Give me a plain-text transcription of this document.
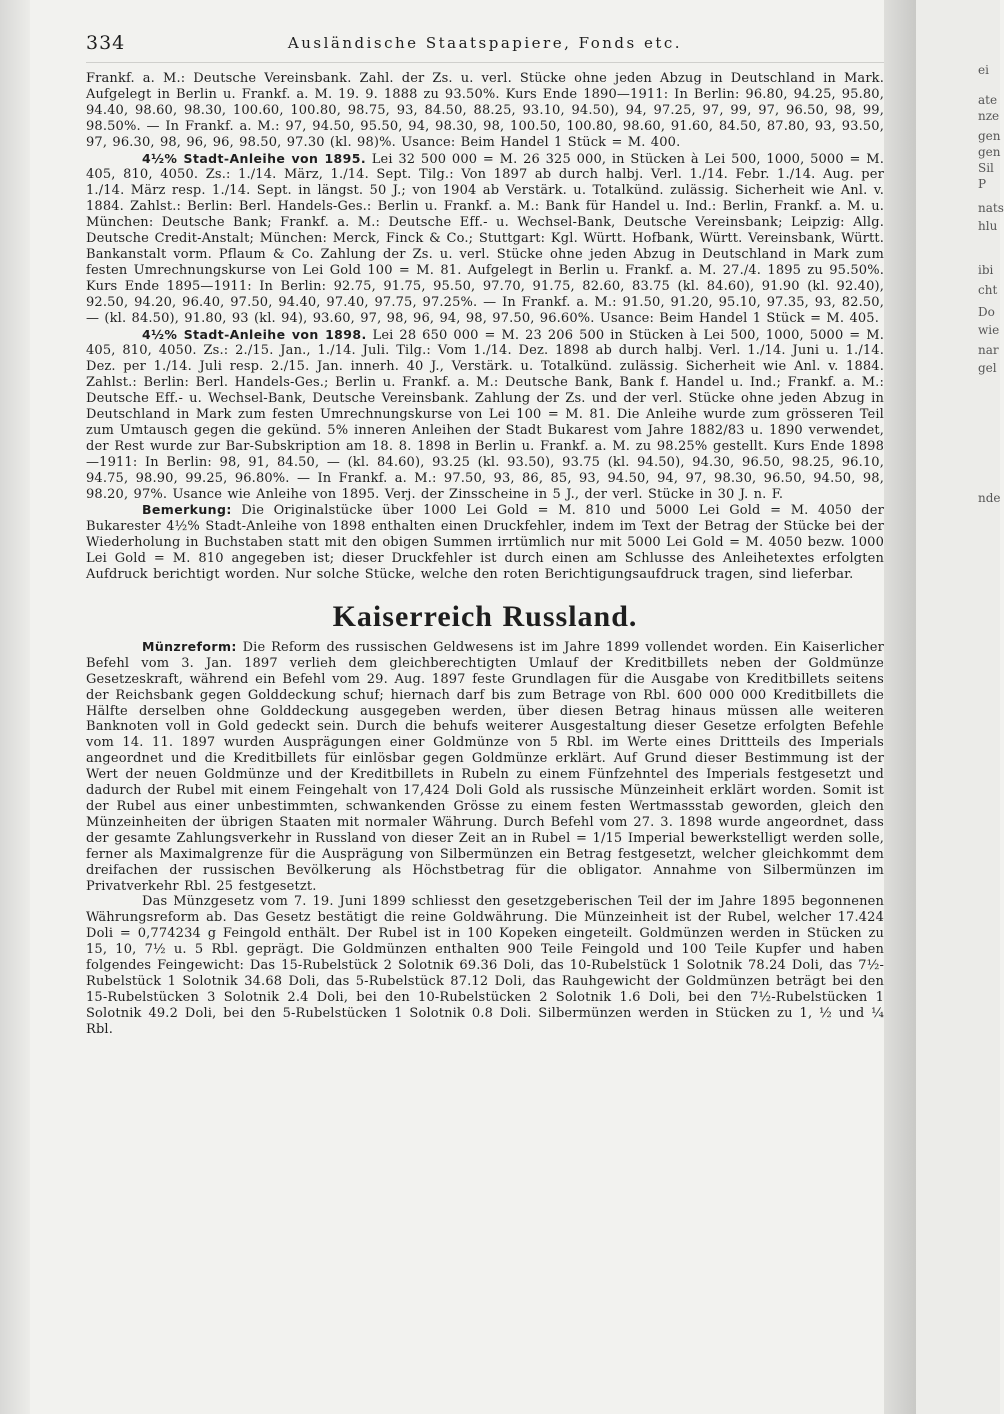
334	Ausländische Staatspapiere, Fonds etc.

Frankf. a. M.: Deutsche Vereinsbank. Zahl. der Zs. u. verl. Stücke ohne jeden Abzug in Deutschland in Mark. Aufgelegt in Berlin u. Frankf. a. M. 19. 9. 1888 zu 93.50%. Kurs Ende 1890—1911: In Berlin: 96.80, 94.25, 95.80, 94.40, 98.60, 98.30, 100.60, 100.80, 98.75, 93, 84.50, 88.25, 93.10, 94.50), 94, 97.25, 97, 99, 97, 96.50, 98, 99, 98.50%. — In Frankf. a. M.: 97, 94.50, 95.50, 94, 98.30, 98, 100.50, 100.80, 98.60, 91.60, 84.50, 87.80, 93, 93.50, 97, 96.30, 98, 96, 96, 98.50, 97.30 (kl. 98)%. Usance: Beim Handel 1 Stück = M. 400.

4½% Stadt-Anleihe von 1895. Lei 32 500 000 = M. 26 325 000, in Stücken à Lei 500, 1000, 5000 = M. 405, 810, 4050. Zs.: 1./14. März, 1./14. Sept. Tilg.: Von 1897 ab durch halbj. Verl. 1./14. Febr. 1./14. Aug. per 1./14. März resp. 1./14. Sept. in längst. 50 J.; von 1904 ab Verstärk. u. Totalkünd. zulässig. Sicherheit wie Anl. v. 1884. Zahlst.: Berlin: Berl. Handels-Ges.: Berlin u. Frankf. a. M.: Bank für Handel u. Ind.: Berlin, Frankf. a. M. u. München: Deutsche Bank; Frankf. a. M.: Deutsche Eff.- u. Wechsel-Bank, Deutsche Vereinsbank; Leipzig: Allg. Deutsche Credit-Anstalt; München: Merck, Finck & Co.; Stuttgart: Kgl. Württ. Hofbank, Württ. Vereinsbank, Württ. Bankanstalt vorm. Pflaum & Co. Zahlung der Zs. u. verl. Stücke ohne jeden Abzug in Deutschland in Mark zum festen Umrechnungskurse von Lei Gold 100 = M. 81. Aufgelegt in Berlin u. Frankf. a. M. 27./4. 1895 zu 95.50%. Kurs Ende 1895—1911: In Berlin: 92.75, 91.75, 95.50, 97.70, 91.75, 82.60, 83.75 (kl. 84.60), 91.90 (kl. 92.40), 92.50, 94.20, 96.40, 97.50, 94.40, 97.40, 97.75, 97.25%. — In Frankf. a. M.: 91.50, 91.20, 95.10, 97.35, 93, 82.50, — (kl. 84.50), 91.80, 93 (kl. 94), 93.60, 97, 98, 96, 94, 98, 97.50, 96.60%. Usance: Beim Handel 1 Stück = M. 405.

4½% Stadt-Anleihe von 1898. Lei 28 650 000 = M. 23 206 500 in Stücken à Lei 500, 1000, 5000 = M. 405, 810, 4050. Zs.: 2./15. Jan., 1./14. Juli. Tilg.: Vom 1./14. Dez. 1898 ab durch halbj. Verl. 1./14. Juni u. 1./14. Dez. per 1./14. Juli resp. 2./15. Jan. innerh. 40 J., Verstärk. u. Totalkünd. zulässig. Sicherheit wie Anl. v. 1884. Zahlst.: Berlin: Berl. Handels-Ges.; Berlin u. Frankf. a. M.: Deutsche Bank, Bank f. Handel u. Ind.; Frankf. a. M.: Deutsche Eff.- u. Wechsel-Bank, Deutsche Vereinsbank. Zahlung der Zs. und der verl. Stücke ohne jeden Abzug in Deutschland in Mark zum festen Umrechnungskurse von Lei 100 = M. 81. Die Anleihe wurde zum grösseren Teil zum Umtausch gegen die gekünd. 5% inneren Anleihen der Stadt Bukarest vom Jahre 1882/83 u. 1890 verwendet, der Rest wurde zur Bar-Subskription am 18. 8. 1898 in Berlin u. Frankf. a. M. zu 98.25% gestellt. Kurs Ende 1898—1911: In Berlin: 98, 91, 84.50, — (kl. 84.60), 93.25 (kl. 93.50), 93.75 (kl. 94.50), 94.30, 96.50, 98.25, 96.10, 94.75, 98.90, 99.25, 96.80%. — In Frankf. a. M.: 97.50, 93, 86, 85, 93, 94.50, 94, 97, 98.30, 96.50, 94.50, 98, 98.20, 97%. Usance wie Anleihe von 1895. Verj. der Zinsscheine in 5 J., der verl. Stücke in 30 J. n. F.

Bemerkung: Die Originalstücke über 1000 Lei Gold = M. 810 und 5000 Lei Gold = M. 4050 der Bukarester 4½% Stadt-Anleihe von 1898 enthalten einen Druckfehler, indem im Text der Betrag der Stücke bei der Wiederholung in Buchstaben statt mit den obigen Summen irrtümlich nur mit 5000 Lei Gold = M. 4050 bezw. 1000 Lei Gold = M. 810 angegeben ist; dieser Druckfehler ist durch einen am Schlusse des Anleihetextes erfolgten Aufdruck berichtigt worden. Nur solche Stücke, welche den roten Berichtigungsaufdruck tragen, sind lieferbar.

Kaiserreich Russland.

Münzreform: Die Reform des russischen Geldwesens ist im Jahre 1899 vollendet worden. Ein Kaiserlicher Befehl vom 3. Jan. 1897 verlieh dem gleichberechtigten Umlauf der Kreditbillets neben der Goldmünze Gesetzeskraft, während ein Befehl vom 29. Aug. 1897 feste Grundlagen für die Ausgabe von Kreditbillets seitens der Reichsbank gegen Golddeckung schuf; hiernach darf bis zum Betrage von Rbl. 600 000 000 Kreditbillets die Hälfte derselben ohne Golddeckung ausgegeben werden, über diesen Betrag hinaus müssen alle weiteren Banknoten voll in Gold gedeckt sein. Durch die behufs weiterer Ausgestaltung dieser Gesetze erfolgten Befehle vom 14. 11. 1897 wurden Ausprägungen einer Goldmünze von 5 Rbl. im Werte eines Drittteils des Imperials angeordnet und die Kreditbillets für einlösbar gegen Goldmünze erklärt. Auf Grund dieser Bestimmung ist der Wert der neuen Goldmünze und der Kreditbillets in Rubeln zu einem Fünfzehntel des Imperials festgesetzt und dadurch der Rubel mit einem Feingehalt von 17,424 Doli Gold als russische Münzeinheit erklärt worden. Somit ist der Rubel aus einer unbestimmten, schwankenden Grösse zu einem festen Wertmassstab geworden, gleich den Münzeinheiten der übrigen Staaten mit normaler Währung. Durch Befehl vom 27. 3. 1898 wurde angeordnet, dass der gesamte Zahlungsverkehr in Russland von dieser Zeit an in Rubel = 1/15 Imperial bewerkstelligt werden solle, ferner als Maximalgrenze für die Ausprägung von Silbermünzen ein Betrag festgesetzt, welcher gleichkommt dem dreifachen der russischen Bevölkerung als Höchstbetrag für die obligator. Annahme von Silbermünzen im Privatverkehr Rbl. 25 festgesetzt.

Das Münzgesetz vom 7. 19. Juni 1899 schliesst den gesetzgeberischen Teil der im Jahre 1895 begonnenen Währungsreform ab. Das Gesetz bestätigt die reine Goldwährung. Die Münzeinheit ist der Rubel, welcher 17.424 Doli = 0,774234 g Feingold enthält. Der Rubel ist in 100 Kopeken eingeteilt. Goldmünzen werden in Stücken zu 15, 10, 7½ u. 5 Rbl. geprägt. Die Goldmünzen enthalten 900 Teile Feingold und 100 Teile Kupfer und haben folgendes Feingewicht: Das 15-Rubelstück 2 Solotnik 69.36 Doli, das 10-Rubelstück 1 Solotnik 78.24 Doli, das 7½-Rubelstück 1 Solotnik 34.68 Doli, das 5-Rubelstück 87.12 Doli, das Rauhgewicht der Goldmünzen beträgt bei den 15-Rubelstücken 3 Solotnik 2.4 Doli, bei den 10-Rubelstücken 2 Solotnik 1.6 Doli, bei den 7½-Rubelstücken 1 Solotnik 49.2 Doli, bei den 5-Rubelstücken 1 Solotnik 0.8 Doli. Silbermünzen werden in Stücken zu 1, ½ und ¼ Rbl.

ei
ate
nze
gen
gen
Sil
P
nats
hlu
ibi
cht
Do
wie
nar
gel
nde
